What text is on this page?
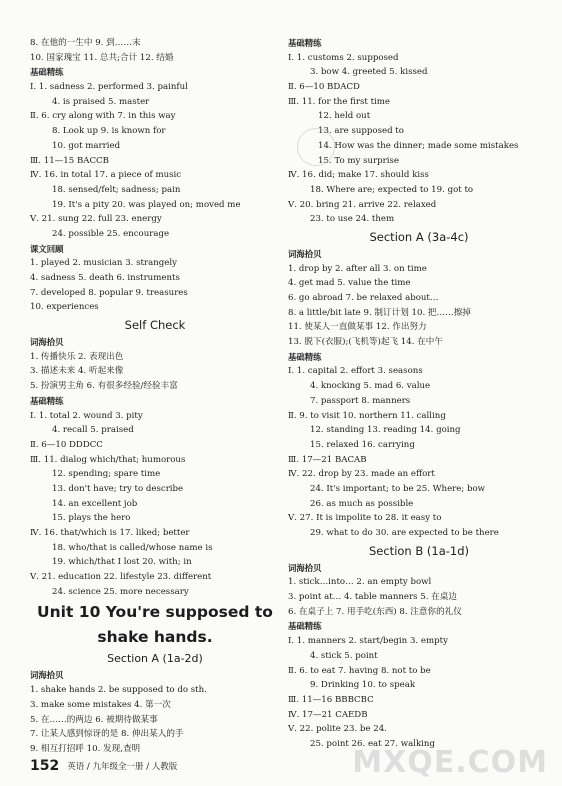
8. 在他的一生中 9. 到……末
10. 国家瑰宝 11. 总共;合计 12. 结婚
基础精练
Ⅰ. 1. sadness 2. performed 3. painful
4. is praised 5. master
Ⅱ. 6. cry along with 7. in this way
8. Look up 9. is known for
10. got married
Ⅲ. 11—15 BACCB
Ⅳ. 16. in total 17. a piece of music
18. sensed/felt; sadness; pain
19. It's a pity 20. was played on; moved me
Ⅴ. 21. sung 22. full 23. energy
24. possible 25. encourage
课文回顾
1. played 2. musician 3. strangely
4. sadness 5. death 6. instruments
7. developed 8. popular 9. treasures
10. experiences
Self Check
词海拾贝
1. 传播快乐 2. 表现出色
3. 描述未来 4. 听起来像
5. 扮演男主角 6. 有很多经验/经验丰富
基础精练
Ⅰ. 1. total 2. wound 3. pity
4. recall 5. praised
Ⅱ. 6—10 DDDCC
Ⅲ. 11. dialog which/that; humorous
12. spending; spare time
13. don't have; try to describe
14. an excellent job
15. plays the hero
Ⅳ. 16. that/which is 17. liked; better
18. who/that is called/whose name is
19. which/that I lost 20. with; in
Ⅴ. 21. education 22. lifestyle 23. different
24. science 25. more necessary
Unit 10 You're supposed to
shake hands.
Section A (1a-2d)
词海拾贝
1. shake hands 2. be supposed to do sth.
3. make some mistakes 4. 第一次
5. 在……的两边 6. 被期待做某事
7. 让某人感到惊讶的是 8. 伸出某人的手
9. 相互打招呼 10. 发现,查明
基础精练
Ⅰ. 1. customs 2. supposed
3. bow 4. greeted 5. kissed
Ⅱ. 6—10 BDACD
Ⅲ. 11. for the first time
12. held out
13. are supposed to
14. How was the dinner; made some mistakes
15. To my surprise
Ⅳ. 16. did; make 17. should kiss
18. Where are; expected to 19. got to
Ⅴ. 20. bring 21. arrive 22. relaxed
23. to use 24. them
Section A (3a-4c)
词海拾贝
1. drop by 2. after all 3. on time
4. get mad 5. value the time
6. go abroad 7. be relaxed about…
8. a little/bit late 9. 制订计划 10. 把……擦掉
11. 使某人一直做某事 12. 作出努力
13. 脱下(衣服);(飞机等)起飞 14. 在中午
基础精练
Ⅰ. 1. capital 2. effort 3. seasons
4. knocking 5. mad 6. value
7. passport 8. manners
Ⅱ. 9. to visit 10. northern 11. calling
12. standing 13. reading 14. going
15. relaxed 16. carrying
Ⅲ. 17—21 BACAB
Ⅳ. 22. drop by 23. made an effort
24. It's important; to be 25. Where; bow
26. as much as possible
Ⅴ. 27. It is impolite to 28. it easy to
29. what to do 30. are expected to be there
Section B (1a-1d)
词海拾贝
1. stick…into… 2. an empty bowl
3. point at… 4. table manners 5. 在桌边
6. 在桌子上 7. 用手吃(东西) 8. 注意你的礼仪
基础精练
Ⅰ. 1. manners 2. start/begin 3. empty
4. stick 5. point
Ⅱ. 6. to eat 7. having 8. not to be
9. Drinking 10. to speak
Ⅲ. 11—16 BBBCBC
Ⅳ. 17—21 CAEDB
Ⅴ. 22. polite 23. be 24.
25. point 26. eat 27. walking
152 英语 / 九年级全一册 / 人教版	MXQE.COM
